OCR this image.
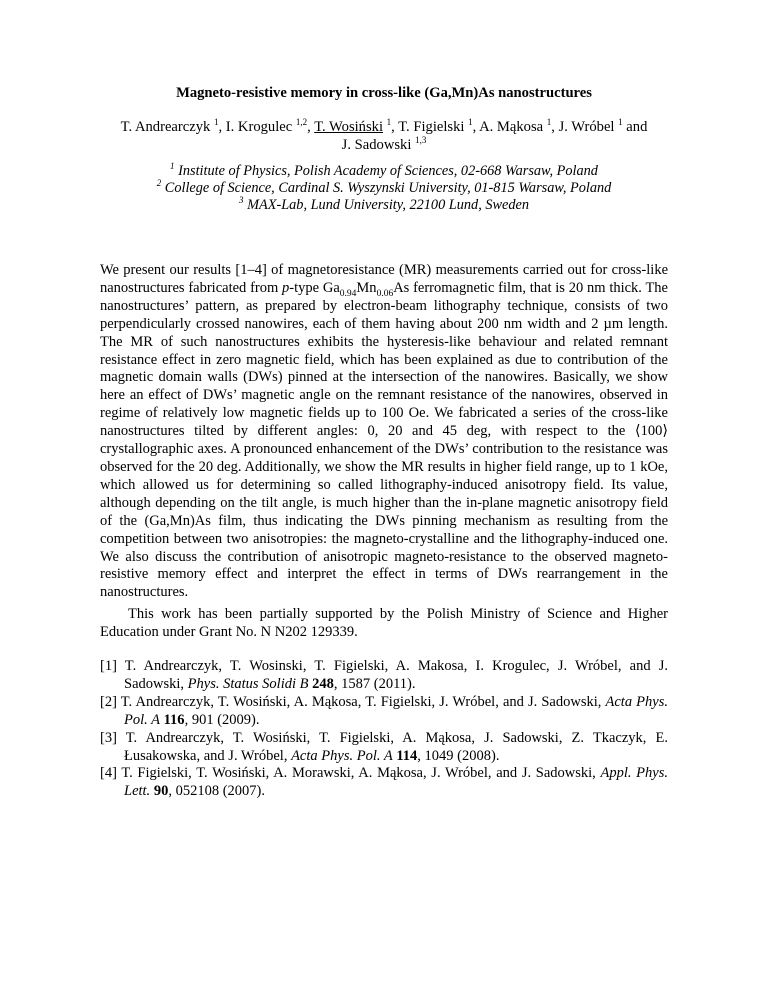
Magneto-resistive memory in cross-like (Ga,Mn)As nanostructures
T. Andrearczyk $^1$, I. Krogulec $^{1,2}$, T. Wosiński $^1$, T. Figielski $^1$, A. Mąkosa $^1$, J. Wróbel $^1$ and
J. Sadowski $^{1,3}$
$^1$ Institute of Physics, Polish Academy of Sciences, 02-668 Warsaw, Poland
$^2$ College of Science, Cardinal S. Wyszynski University, 01-815 Warsaw, Poland
$^3$ MAX-Lab, Lund University, 22100 Lund, Sweden
We present our results [1–4] of magnetoresistance (MR) measurements carried out for cross-like nanostructures fabricated from p-type $Ga_{0.94}Mn_{0.06}As$ ferromagnetic film, that is 20 nm thick. The nanostructures’ pattern, as prepared by electron-beam lithography technique, consists of two perpendicularly crossed nanowires, each of them having about 200 nm width and 2 µm length. The MR of such nanostructures exhibits the hysteresis-like behaviour and related remnant resistance effect in zero magnetic field, which has been explained as due to contribution of the magnetic domain walls (DWs) pinned at the intersection of the nanowires. Basically, we show here an effect of DWs’ magnetic angle on the remnant resistance of the nanowires, observed in regime of relatively low magnetic fields up to 100 Oe. We fabricated a series of the cross-like nanostructures tilted by different angles: 0, 20 and 45 deg, with respect to the ⟨100⟩ crystallographic axes. A pronounced enhancement of the DWs’ contribution to the resistance was observed for the 20 deg. Additionally, we show the MR results in higher field range, up to 1 kOe, which allowed us for determining so called lithography-induced anisotropy field. Its value, although depending on the tilt angle, is much higher than the in-plane magnetic anisotropy field of the (Ga,Mn)As film, thus indicating the DWs pinning mechanism as resulting from the competition between two anisotropies: the magneto-crystalline and the lithography-induced one. We also discuss the contribution of anisotropic magneto-resistance to the observed magneto-resistive memory effect and interpret the effect in terms of DWs rearrangement in the nanostructures.
This work has been partially supported by the Polish Ministry of Science and Higher Education under Grant No. N N202 129339.

[1] T. Andrearczyk, T. Wosinski, T. Figielski, A. Makosa, I. Krogulec, J. Wróbel, and J. Sadowski, Phys. Status Solidi B 248, 1587 (2011).

[2] T. Andrearczyk, T. Wosiński, A. Mąkosa, T. Figielski, J. Wróbel, and J. Sadowski, Acta Phys. Pol. A 116, 901 (2009).

[3] T. Andrearczyk, T. Wosiński, T. Figielski, A. Mąkosa, J. Sadowski, Z. Tkaczyk, E. Łusakowska, and J. Wróbel, Acta Phys. Pol. A 114, 1049 (2008).

[4] T. Figielski, T. Wosiński, A. Morawski, A. Mąkosa, J. Wróbel, and J. Sadowski, Appl. Phys. Lett. 90, 052108 (2007).
